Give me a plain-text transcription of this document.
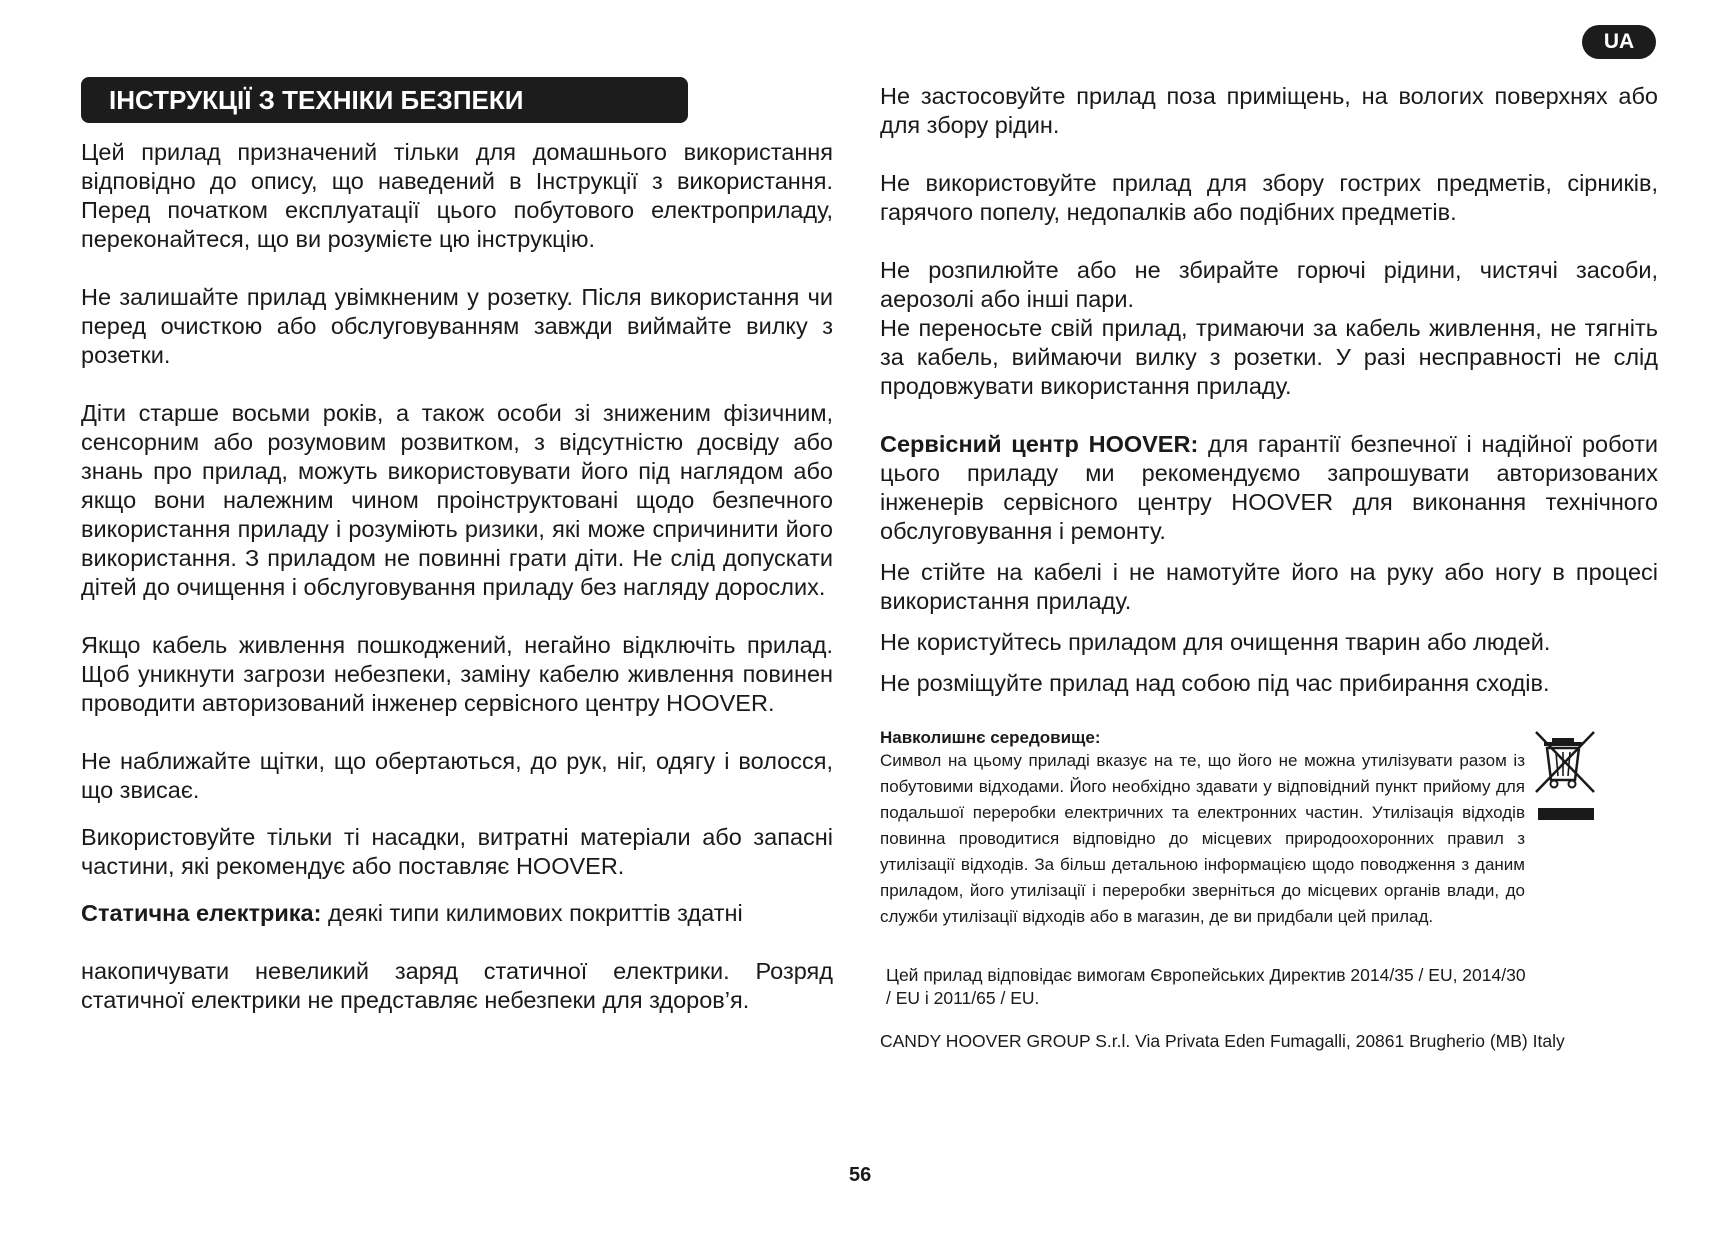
UA
ІНСТРУКЦІЇ З ТЕХНІКИ БЕЗПЕКИ

Цей прилад призначений тільки для домашнього використання відповідно до опису, що наведений в Інструкції з використання. Перед початком експлуатації цього побутового електроприладу, переконайтеся, що ви розумієте цю інструкцію.

Не залишайте прилад увімкненим у розетку. Після використання чи перед очисткою або обслуговуванням завжди виймайте вилку з розетки.

Діти старше восьми років, а також особи зі зниженим фізичним, сенсорним або розумовим розвитком, з відсутністю досвіду або знань про прилад, можуть використовувати його під наглядом або якщо вони належним чином проінструктовані щодо безпечного використання приладу і розуміють ризики, які може спричинити його використання. З приладом не повинні грати діти. Не слід допускати дітей до очищення і обслуговування приладу без нагляду дорослих.

Якщо кабель живлення пошкоджений, негайно відключіть прилад. Щоб уникнути загрози небезпеки, заміну кабелю живлення повинен проводити авторизований інженер сервісного центру HOOVER.

Не наближайте щітки, що обертаються, до рук, ніг, одягу і волосся, що звисає.

Використовуйте тільки ті насадки, витратні матеріали або запасні частини, які рекомендує або поставляє HOOVER.

Статична електрика: деякі типи килимових покриттів здатні

накопичувати невеликий заряд статичної електрики. Розряд статичної електрики не представляє небезпеки для здоров’я.

Не застосовуйте прилад поза приміщень, на вологих поверхнях або для збору рідин.

Не використовуйте прилад для збору гострих предметів, сірників, гарячого попелу, недопалків або подібних предметів.

Не розпилюйте або не збирайте горючі рідини, чистячі засоби, аерозолі або інші пари.

Не переносьте свій прилад, тримаючи за кабель живлення, не тягніть за кабель, виймаючи вилку з розетки. У разі несправності не слід продовжувати використання приладу.

Сервісний центр HOOVER: для гарантії безпечної і надійної роботи цього приладу ми рекомендуємо запрошувати авторизованих інженерів сервісного центру HOOVER для виконання технічного обслуговування і ремонту.

Не стійте на кабелі і не намотуйте його на руку або ногу в процесі використання приладу.

Не користуйтесь приладом для очищення тварин або людей.

Не розміщуйте прилад над собою під час прибирання сходів.

Навколишнє середовище:

Символ на цьому приладі вказує на те, що його не можна утилізувати разом із побутовими відходами. Його необхідно здавати у відповідний пункт прийому для подальшої переробки електричних та електронних частин. Утилізація відходів повинна проводитися відповідно до місцевих природоохоронних правил з утилізації відходів. За більш детальною інформацією щодо поводження з даним приладом, його утилізації і переробки зверніться до місцевих органів влади, до служби утилізації відходів або в магазин, де ви придбали цей прилад.

Цей прилад відповідає вимогам Європейських Директив 2014/35 / EU, 2014/30 / EU і 2011/65 / EU.

CANDY HOOVER GROUP S.r.l. Via Privata Eden Fumagalli, 20861 Brugherio (MB) Italy

56
